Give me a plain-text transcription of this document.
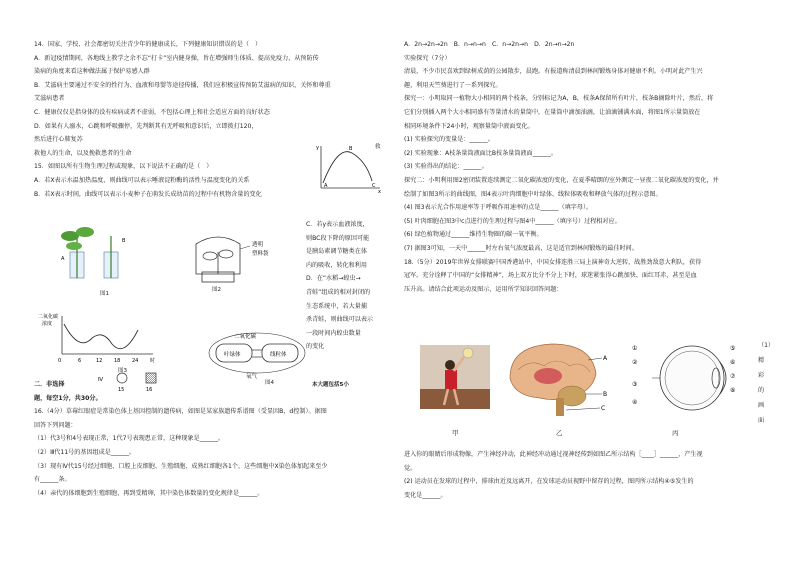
14．国家、学校、社会都密切关注青少年的健康成长，下列健康知识错误的是（　）

A．新冠疫情期间，各地线上教学之余不忘“打卡”室内健身操，旨在增强师生体质、提高免疫力，从预防传

染病的角度来看这种做法属于保护易感人群

B．艾滋病主要通过不安全的性行为、血液和母婴等途径传播，我们应积极宣传预防艾滋病的知识，关怀和尊重

艾滋病患者

C．健康仅仅是指身体的没有疾病或者不虚弱，不包括心理上和社会适应方面的良好状态

D．如果有人溺水，心跳和呼吸骤停，先判断其有无呼吸和意识后，立即拨打120，

然后进行心肺复苏

救他人的生命，以及挽救患者的生命

15．如图以所有生物生理过程或现象，以下说法不正确的是（　）

A．若X表示水温加热温度，则曲线可以表示唾液淀粉酶的活性与温度变化的关系

B．若X表示时间，曲线可以表示小麦种子在萌发长成幼苗的过程中有机物含量的变化

y
x
B
C
A
救
A
B
图1
透明
塑料袋
图2

C．若y表示血液浓度，

则BC段下降的原因可能

是胰岛素调节糖类在体

内的吸收，转化和利用

D．在“水稻→蝗虫→

青蛙”组成的相对封闭的

生态系统中，若大量捕

杀青蛙，则曲线可以表示

一段时间内蝗虫数量

的变化

二氧化碳
浓度
时
0	6	12 18 24
图3
二氧化碳
叶绿体	线粒体
氧气
图4
Ⅳ
15	16

二．非选择

题，每空1分，共30分。

16.（4分）草莓红眼症是常染色体上基因控制的遗传病，如图是某家族遗传系谱图（受显因B，d控制）。据图

回答下列问题：

（1）代3号和4号表现正常，1代7号表现患正常，这种现象是______。

（2）Ⅲ代11号的基因组成是______。

（3）现有Ⅳ代15号经过细胞、口腔上皮细胞、生殖细胞、成熟红细胞各1个，这些细胞中X染色体加起来至少

有______条。

（4）亲代的体细胞到生殖细胞，再到受精卵，其中染色体数量的变化规律是______。

本大题包括5小

A．2n→2n→2n　B．n→n→n　C．n→2n→n　D．2n→n→2n

实验探究（7分）

清晨，不少市民喜欢到绿树成荫的公园散步，晨跑。有报道称清晨到林间锻炼身体对健康不利。小明对此产生兴

趣，利用天竺葵进行了一系列探究。

探究一：小明取同一植物大小相同的两个枝条，分别标记为A，B，枝条A保留所有叶片，枝条B摘除叶片，然后，将

它们分别插入两个大小相同盛有等量清水的量筒中，在量筒中滴加油滴，让油滴铺满水面，将图1所示量筒放在

相同环境条件下24小时，观察量筒中液面变化。

(1) 实验探究的变量是：______。

(2) 实验现象：A枝条量筒液面比B枝条量筒液面______。

(3) 实验得出的结论：______。

探究二：小明利用图2密闭装置连续测定二氧化碳浓度的变化，在夏季晴朗的室外测定一昼夜二氧化碳浓度的变化，并

绘制了如图3所示的曲线图，图4表示叶肉细胞中叶绿体、线粒体吸收和释放气体的过程示意图。

(4) 图3表示光合作用速率等于呼吸作用速率的点是______（填字母）。

(5) 叶肉细胞在图3中c点进行的生理过程与图4中______（填序号）过程相对应。

(6) 绿色植物通过______维持生物圈的碳一氧平衡。

(7) 据图3可知，一天中______时左右氧气浓度最高，这是适宜到林间锻炼的最佳时间。

18.（5分）2019年世界女排联赛中国香港站中，中国女排连胜三局上演神奇大逆转，战胜劲敌意大利队，获得

冠军。充分诠释了中国的“女排精神”，场上双方比分不分上下时，球迷紧张得心跳加快、面红耳赤，甚至是血

压升高。请结合此项运动及图示，运用所学知识回答问题：

A
B
C
①
②
③
④
⑤
⑥
⑦
⑧

（1）

精

彩

的

画

面

甲	乙	丙

进入你的眼睛后形成物像，产生神经冲动，此神经冲动通过视神经传到如图乙所示结构［____］______，产生视

觉。

(2) 运动员在发球的过程中，排球由近及远离开，在发球运动员视野中留存的过程，图丙所示结构④⑤发生的

变化是______。
